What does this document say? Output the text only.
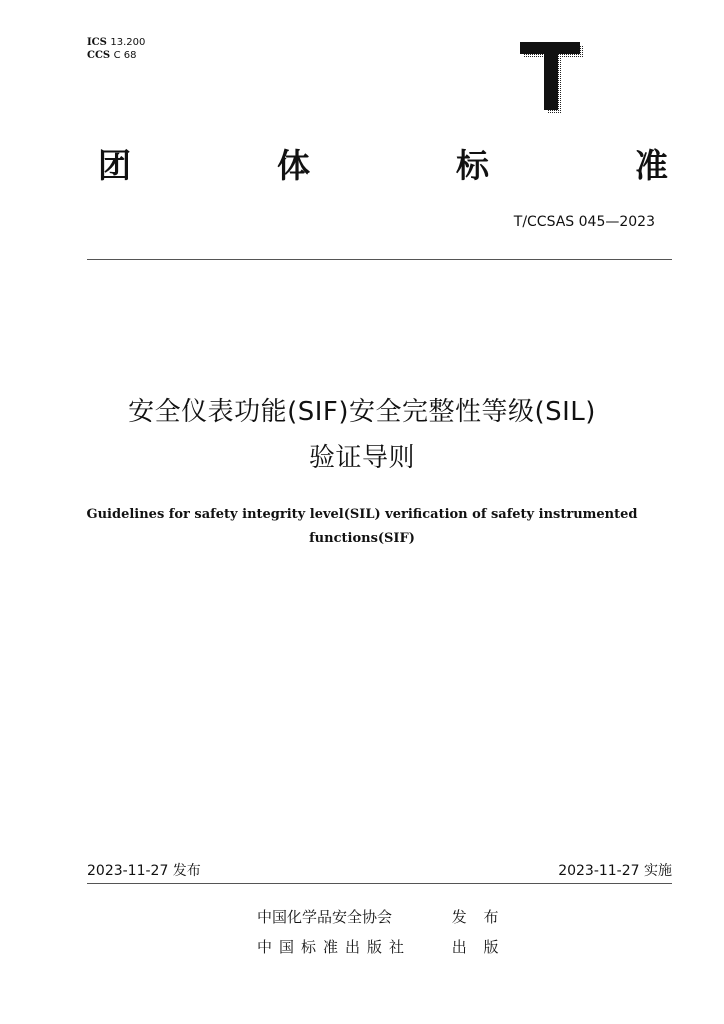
ICS 13.200
CCS C 68
团	体	标	准
T/CCSAS 045—2023
安全仪表功能(SIF)安全完整性等级(SIL)
验证导则
Guidelines for safety integrity level(SIL) verification of safety instrumented
functions(SIF)
2023-11-27 发布	2023-11-27 实施
中国化学品安全协会	发 布
中国标准出版社	出 版
